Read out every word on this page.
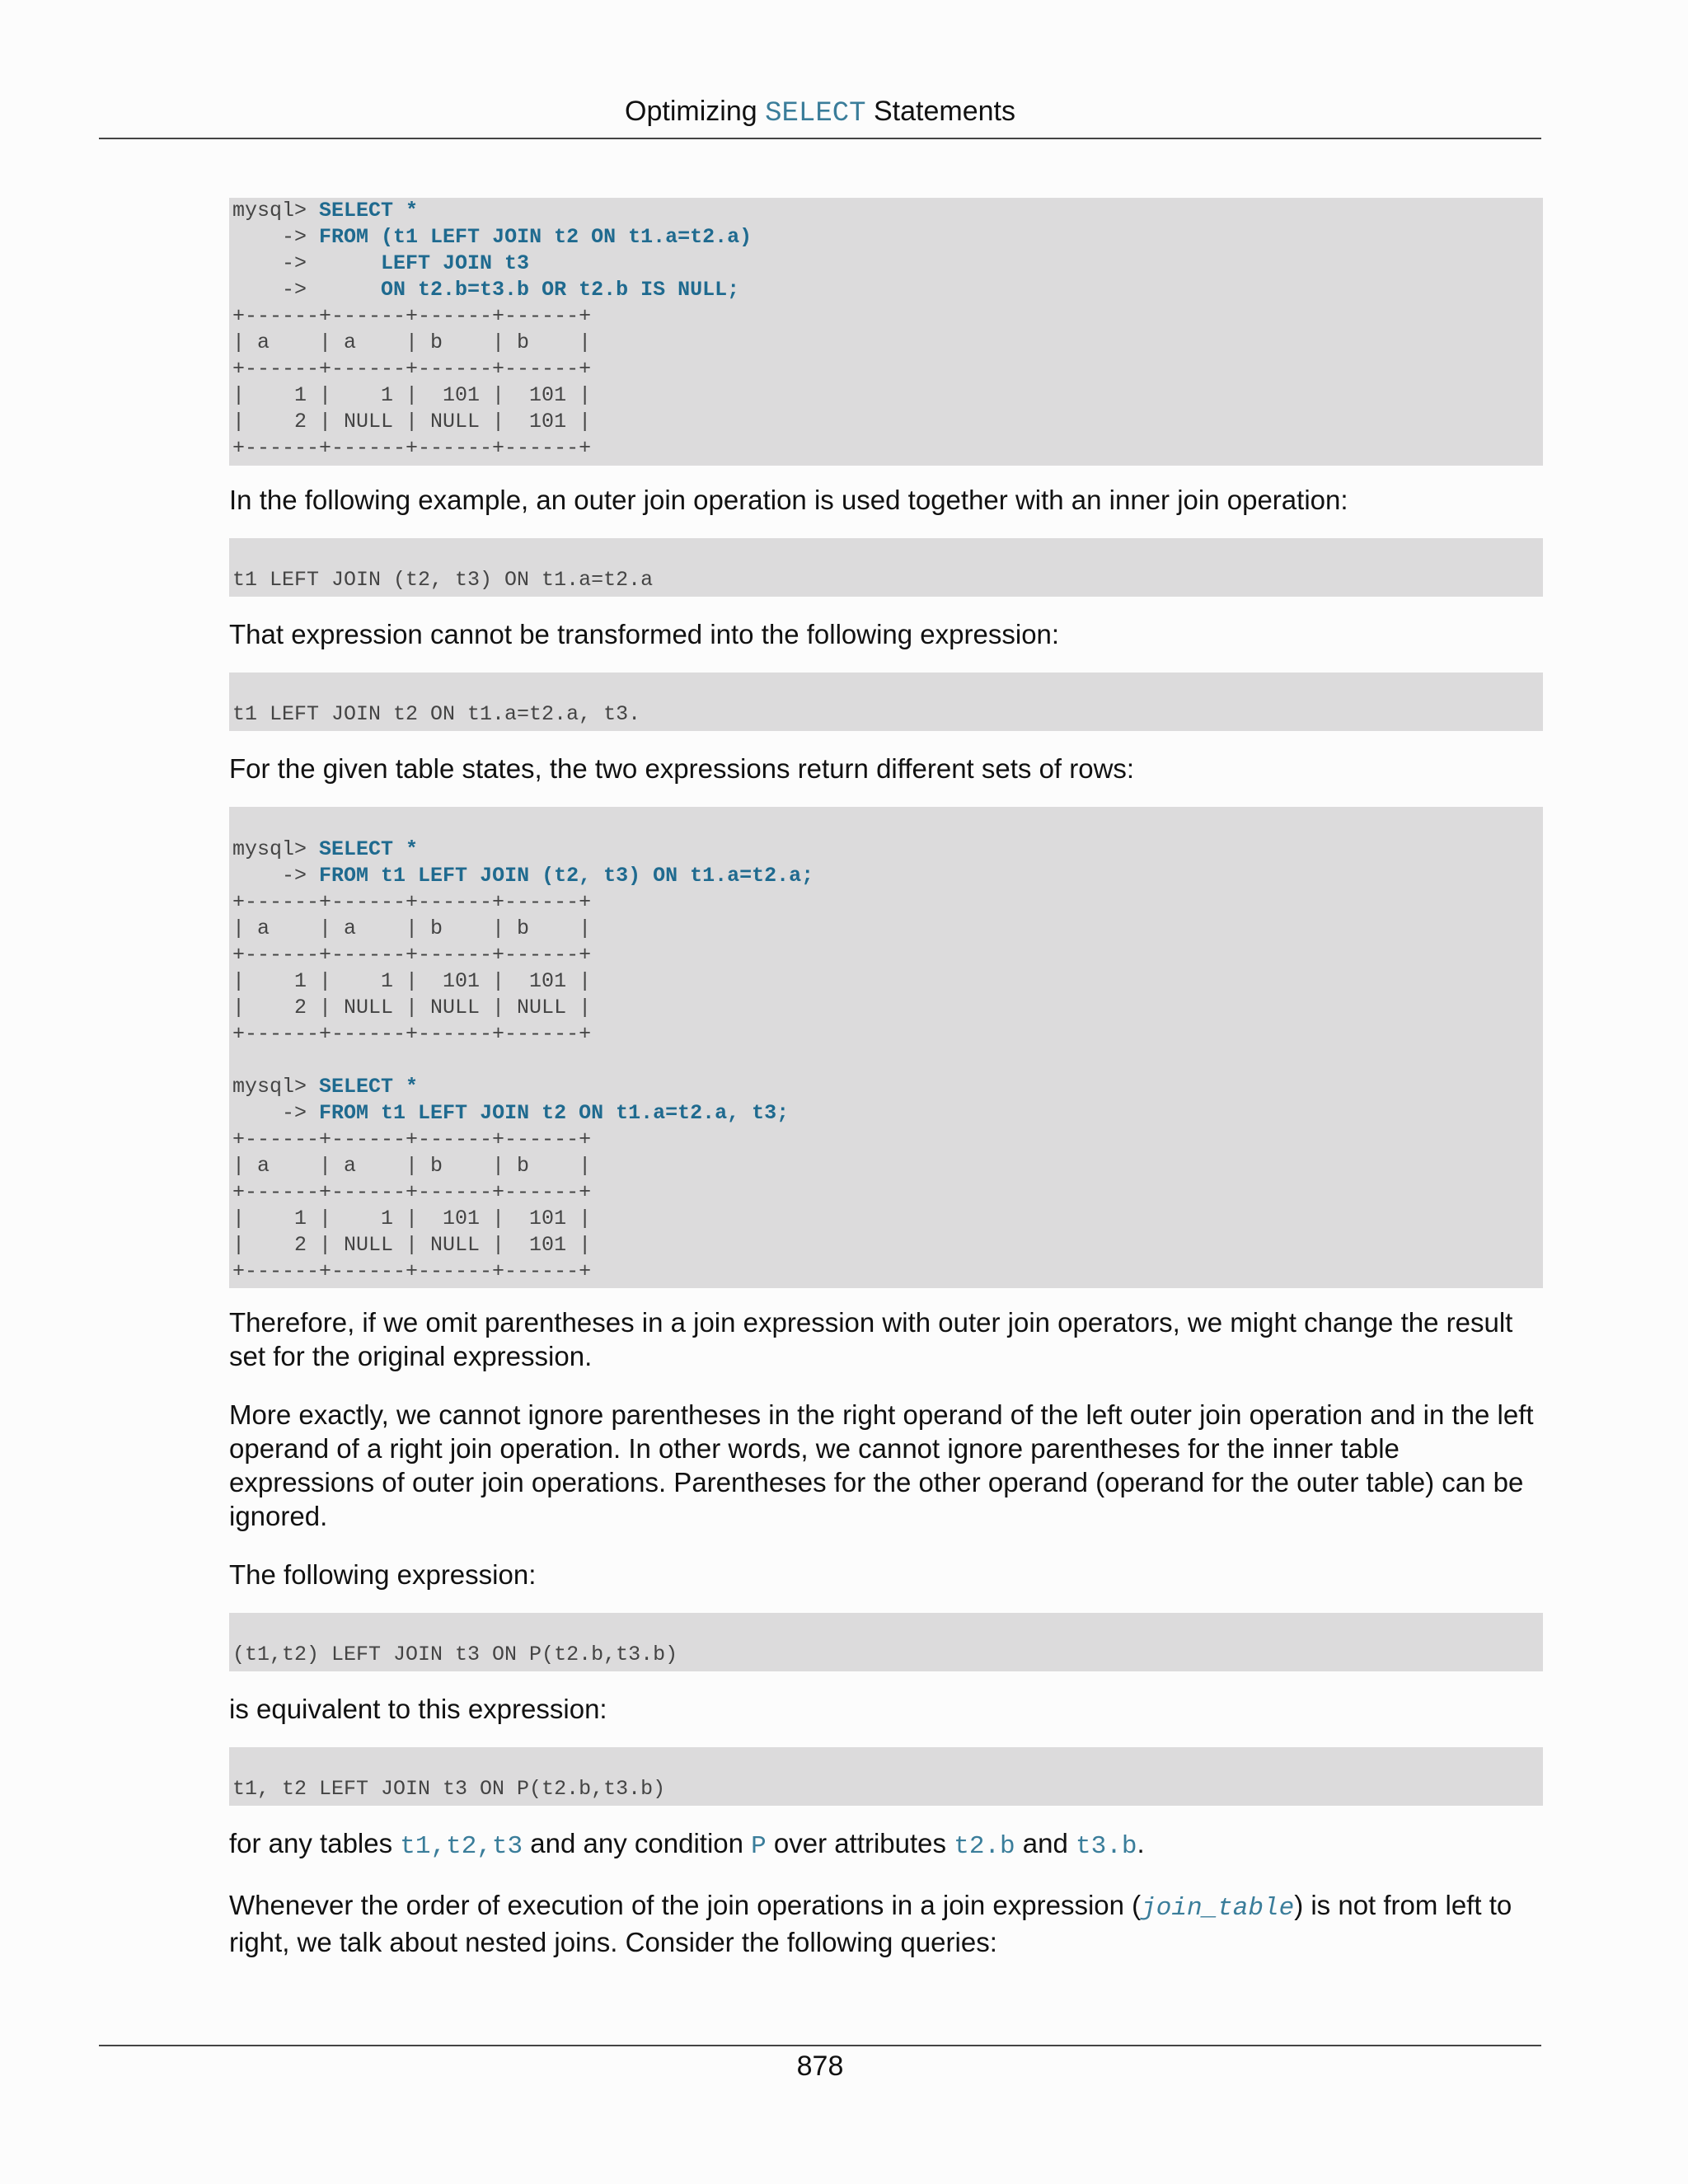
Optimizing SELECT Statements
mysql> SELECT *
-> FROM (t1 LEFT JOIN t2 ON t1.a=t2.a)
->      LEFT JOIN t3
->      ON t2.b=t3.b OR t2.b IS NULL;
+------+------+------+------+
| a    | a    | b    | b    |
+------+------+------+------+
|    1 |    1 |  101 |  101 |
|    2 | NULL | NULL |  101 |
+------+------+------+------+

In the following example, an outer join operation is used together with an inner join operation:

t1 LEFT JOIN (t2, t3) ON t1.a=t2.a

That expression cannot be transformed into the following expression:

t1 LEFT JOIN t2 ON t1.a=t2.a, t3.

For the given table states, the two expressions return different sets of rows:

mysql> SELECT *
-> FROM t1 LEFT JOIN (t2, t3) ON t1.a=t2.a;
+------+------+------+------+
| a    | a    | b    | b    |
+------+------+------+------+
|    1 |    1 |  101 |  101 |
|    2 | NULL | NULL | NULL |
+------+------+------+------+

mysql> SELECT *
-> FROM t1 LEFT JOIN t2 ON t1.a=t2.a, t3;
+------+------+------+------+
| a    | a    | b    | b    |
+------+------+------+------+
|    1 |    1 |  101 |  101 |
|    2 | NULL | NULL |  101 |
+------+------+------+------+

Therefore, if we omit parentheses in a join expression with outer join operators, we might change the result set for the original expression.

More exactly, we cannot ignore parentheses in the right operand of the left outer join operation and in the left operand of a right join operation. In other words, we cannot ignore parentheses for the inner table expressions of outer join operations. Parentheses for the other operand (operand for the outer table) can be ignored.

The following expression:

(t1,t2) LEFT JOIN t3 ON P(t2.b,t3.b)

is equivalent to this expression:

t1, t2 LEFT JOIN t3 ON P(t2.b,t3.b)

for any tables t1,t2,t3 and any condition P over attributes t2.b and t3.b.

Whenever the order of execution of the join operations in a join expression (join_table) is not from left to right, we talk about nested joins. Consider the following queries:

878
